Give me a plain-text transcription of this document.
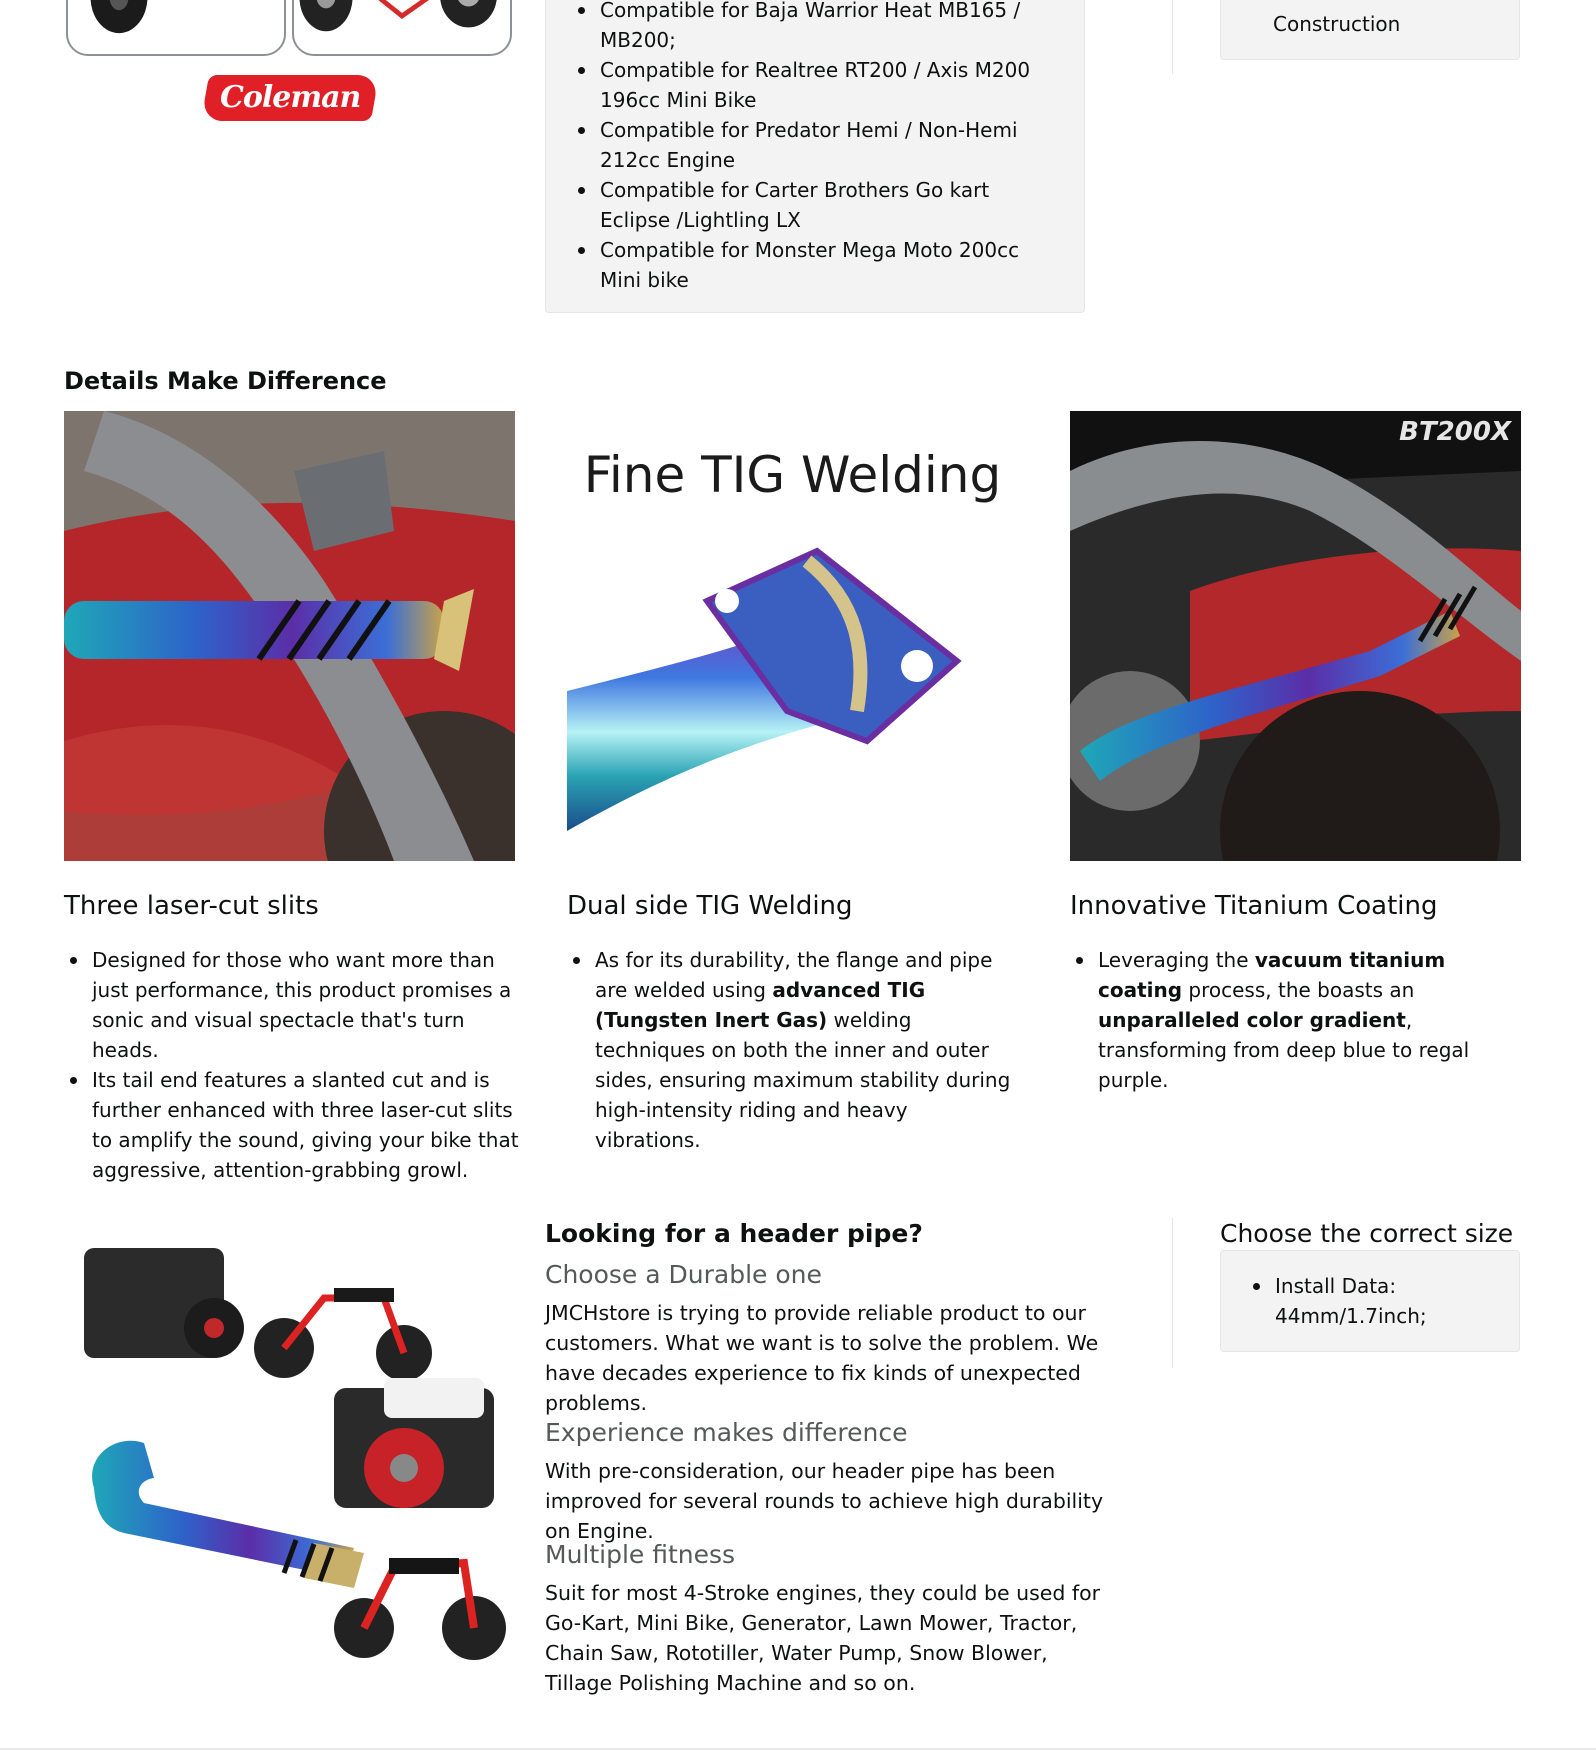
Coleman
Compatible for Baja Warrior Heat MB165 / MB200;
Compatible for Realtree RT200 / Axis M200 196cc Mini Bike
Compatible for Predator Hemi / Non-Hemi 212cc Engine
Compatible for Carter Brothers Go kart Eclipse /Lightling LX
Compatible for Monster Mega Moto 200cc Mini bike
Construction
Details Make Difference
Fine TIG Welding
BT200X
Three laser-cut slits	Dual side TIG Welding	Innovative Titanium Coating
Designed for those who want more than just performance, this product promises a sonic and visual spectacle that's turn heads.
Its tail end features a slanted cut and is further enhanced with three laser-cut slits to amplify the sound, giving your bike that aggressive, attention-grabbing growl.
As for its durability, the flange and pipe are welded using advanced TIG (Tungsten Inert Gas) welding techniques on both the inner and outer sides, ensuring maximum stability during high-intensity riding and heavy vibrations.
Leveraging the vacuum titanium coating process, the boasts an unparalleled color gradient, transforming from deep blue to regal purple.
Looking for a header pipe?
Choose a Durable one
JMCHstore is trying to provide reliable product to our customers. What we want is to solve the problem. We have decades experience to fix kinds of unexpected problems.
Experience makes difference
With pre-consideration, our header pipe has been improved for several rounds to achieve high durability on Engine.
Multiple fitness
Suit for most 4-Stroke engines, they could be used for Go-Kart, Mini Bike, Generator, Lawn Mower, Tractor, Chain Saw, Rototiller, Water Pump, Snow Blower, Tillage Polishing Machine and so on.
Choose the correct size
Install Data: 44mm/1.7inch;
